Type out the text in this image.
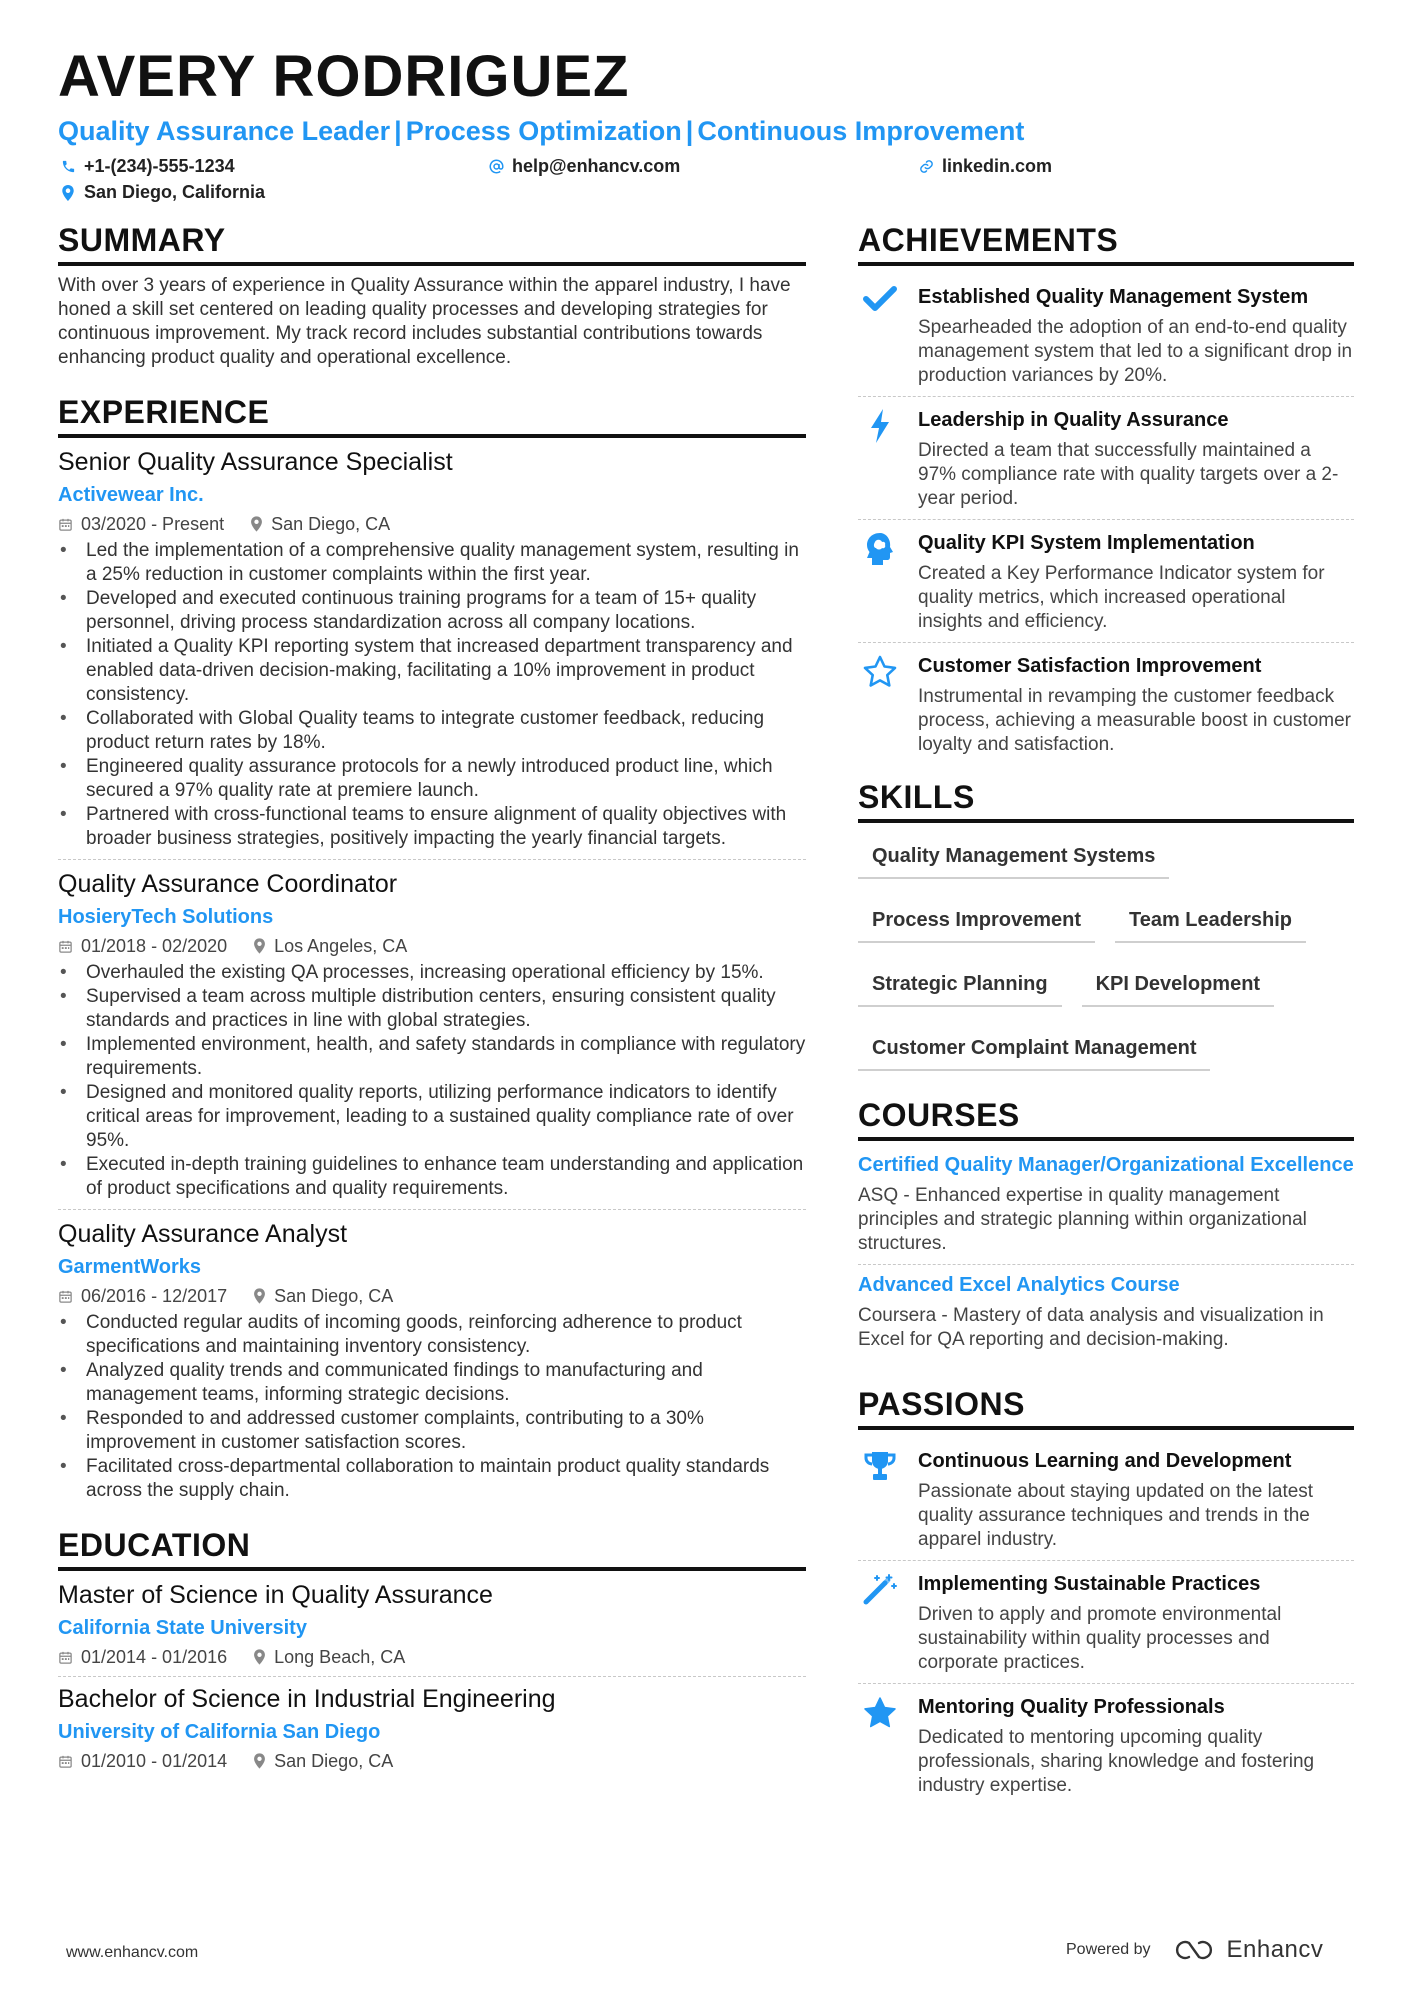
AVERY RODRIGUEZ
Quality Assurance Leader | Process Optimization | Continuous Improvement
+1-(234)-555-1234	help@enhancv.com	linkedin.com
San Diego, California
SUMMARY

With over 3 years of experience in Quality Assurance within the apparel industry, I have honed a skill set centered on leading quality processes and developing strategies for continuous improvement. My track record includes substantial contributions towards enhancing product quality and operational excellence.

EXPERIENCE
Senior Quality Assurance Specialist
Activewear Inc.
03/2020 - Present	San Diego, CA
• Led the implementation of a comprehensive quality management system, resulting in a 25% reduction in customer complaints within the first year.
• Developed and executed continuous training programs for a team of 15+ quality personnel, driving process standardization across all company locations.
• Initiated a Quality KPI reporting system that increased department transparency and enabled data-driven decision-making, facilitating a 10% improvement in product consistency.
• Collaborated with Global Quality teams to integrate customer feedback, reducing product return rates by 18%.
• Engineered quality assurance protocols for a newly introduced product line, which secured a 97% quality rate at premiere launch.
• Partnered with cross-functional teams to ensure alignment of quality objectives with broader business strategies, positively impacting the yearly financial targets.
Quality Assurance Coordinator
HosieryTech Solutions
01/2018 - 02/2020	Los Angeles, CA
• Overhauled the existing QA processes, increasing operational efficiency by 15%.
• Supervised a team across multiple distribution centers, ensuring consistent quality standards and practices in line with global strategies.
• Implemented environment, health, and safety standards in compliance with regulatory requirements.
• Designed and monitored quality reports, utilizing performance indicators to identify critical areas for improvement, leading to a sustained quality compliance rate of over 95%.
• Executed in-depth training guidelines to enhance team understanding and application of product specifications and quality requirements.
Quality Assurance Analyst
GarmentWorks
06/2016 - 12/2017	San Diego, CA
• Conducted regular audits of incoming goods, reinforcing adherence to product specifications and maintaining inventory consistency.
• Analyzed quality trends and communicated findings to manufacturing and management teams, informing strategic decisions.
• Responded to and addressed customer complaints, contributing to a 30% improvement in customer satisfaction scores.
• Facilitated cross-departmental collaboration to maintain product quality standards across the supply chain.
EDUCATION
Master of Science in Quality Assurance
California State University
01/2014 - 01/2016	Long Beach, CA
Bachelor of Science in Industrial Engineering
University of California San Diego
01/2010 - 01/2014	San Diego, CA
ACHIEVEMENTS
Established Quality Management System
Spearheaded the adoption of an end-to-end quality management system that led to a significant drop in production variances by 20%.
Leadership in Quality Assurance
Directed a team that successfully maintained a 97% compliance rate with quality targets over a 2-year period.
Quality KPI System Implementation
Created a Key Performance Indicator system for quality metrics, which increased operational insights and efficiency.
Customer Satisfaction Improvement
Instrumental in revamping the customer feedback process, achieving a measurable boost in customer loyalty and satisfaction.
SKILLS
Quality Management Systems
Process Improvement	Team Leadership
Strategic Planning	KPI Development
Customer Complaint Management
COURSES
Certified Quality Manager/Organizational Excellence
ASQ - Enhanced expertise in quality management principles and strategic planning within organizational structures.
Advanced Excel Analytics Course
Coursera - Mastery of data analysis and visualization in Excel for QA reporting and decision-making.
PASSIONS
Continuous Learning and Development
Passionate about staying updated on the latest quality assurance techniques and trends in the apparel industry.
Implementing Sustainable Practices
Driven to apply and promote environmental sustainability within quality processes and corporate practices.
Mentoring Quality Professionals
Dedicated to mentoring upcoming quality professionals, sharing knowledge and fostering industry expertise.
www.enhancv.com	Powered by	Enhancv
